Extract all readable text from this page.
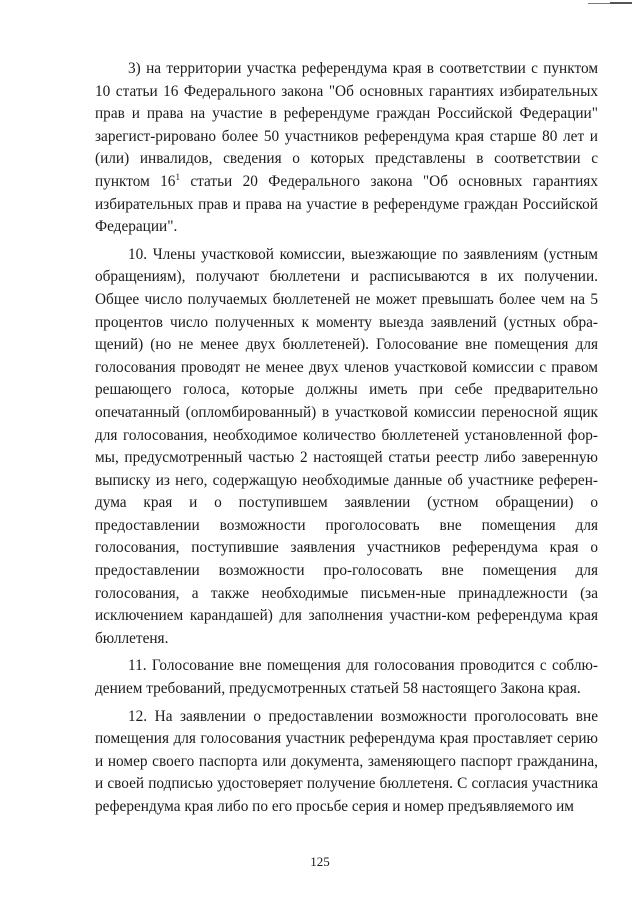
3) на территории участка референдума края в соответствии с пунктом 10 статьи 16 Федерального закона "Об основных гарантиях избирательных прав и права на участие в референдуме граждан Российской Федерации" зарегист-рировано более 50 участников референдума края старше 80 лет и (или) инвалидов, сведения о которых представлены в соответствии с пунктом $16^1$ статьи 20 Федерального закона "Об основных гарантиях избирательных прав и права на участие в референдуме граждан Российской Федерации".

10. Члены участковой комиссии, выезжающие по заявлениям (устным обращениям), получают бюллетени и расписываются в их получении. Общее число получаемых бюллетеней не может превышать более чем на 5 процентов число полученных к моменту выезда заявлений (устных обра-щений) (но не менее двух бюллетеней). Голосование вне помещения для голосования проводят не менее двух членов участковой комиссии с правом решающего голоса, которые должны иметь при себе предварительно опечатанный (опломбированный) в участковой комиссии переносной ящик для голосования, необходимое количество бюллетеней установленной фор-мы, предусмотренный частью 2 настоящей статьи реестр либо заверенную выписку из него, содержащую необходимые данные об участнике референ-дума края и о поступившем заявлении (устном обращении) о предоставлении возможности проголосовать вне помещения для голосования, поступившие заявления участников референдума края о предоставлении возможности про-голосовать вне помещения для голосования, а также необходимые письмен-ные принадлежности (за исключением карандашей) для заполнения участни-ком референдума края бюллетеня.

11. Голосование вне помещения для голосования проводится с соблю-дением требований, предусмотренных статьей 58 настоящего Закона края.

12. На заявлении о предоставлении возможности проголосовать вне помещения для голосования участник референдума края проставляет серию и номер своего паспорта или документа, заменяющего паспорт гражданина, и своей подписью удостоверяет получение бюллетеня. С согласия участника референдума края либо по его просьбе серия и номер предъявляемого им

125
